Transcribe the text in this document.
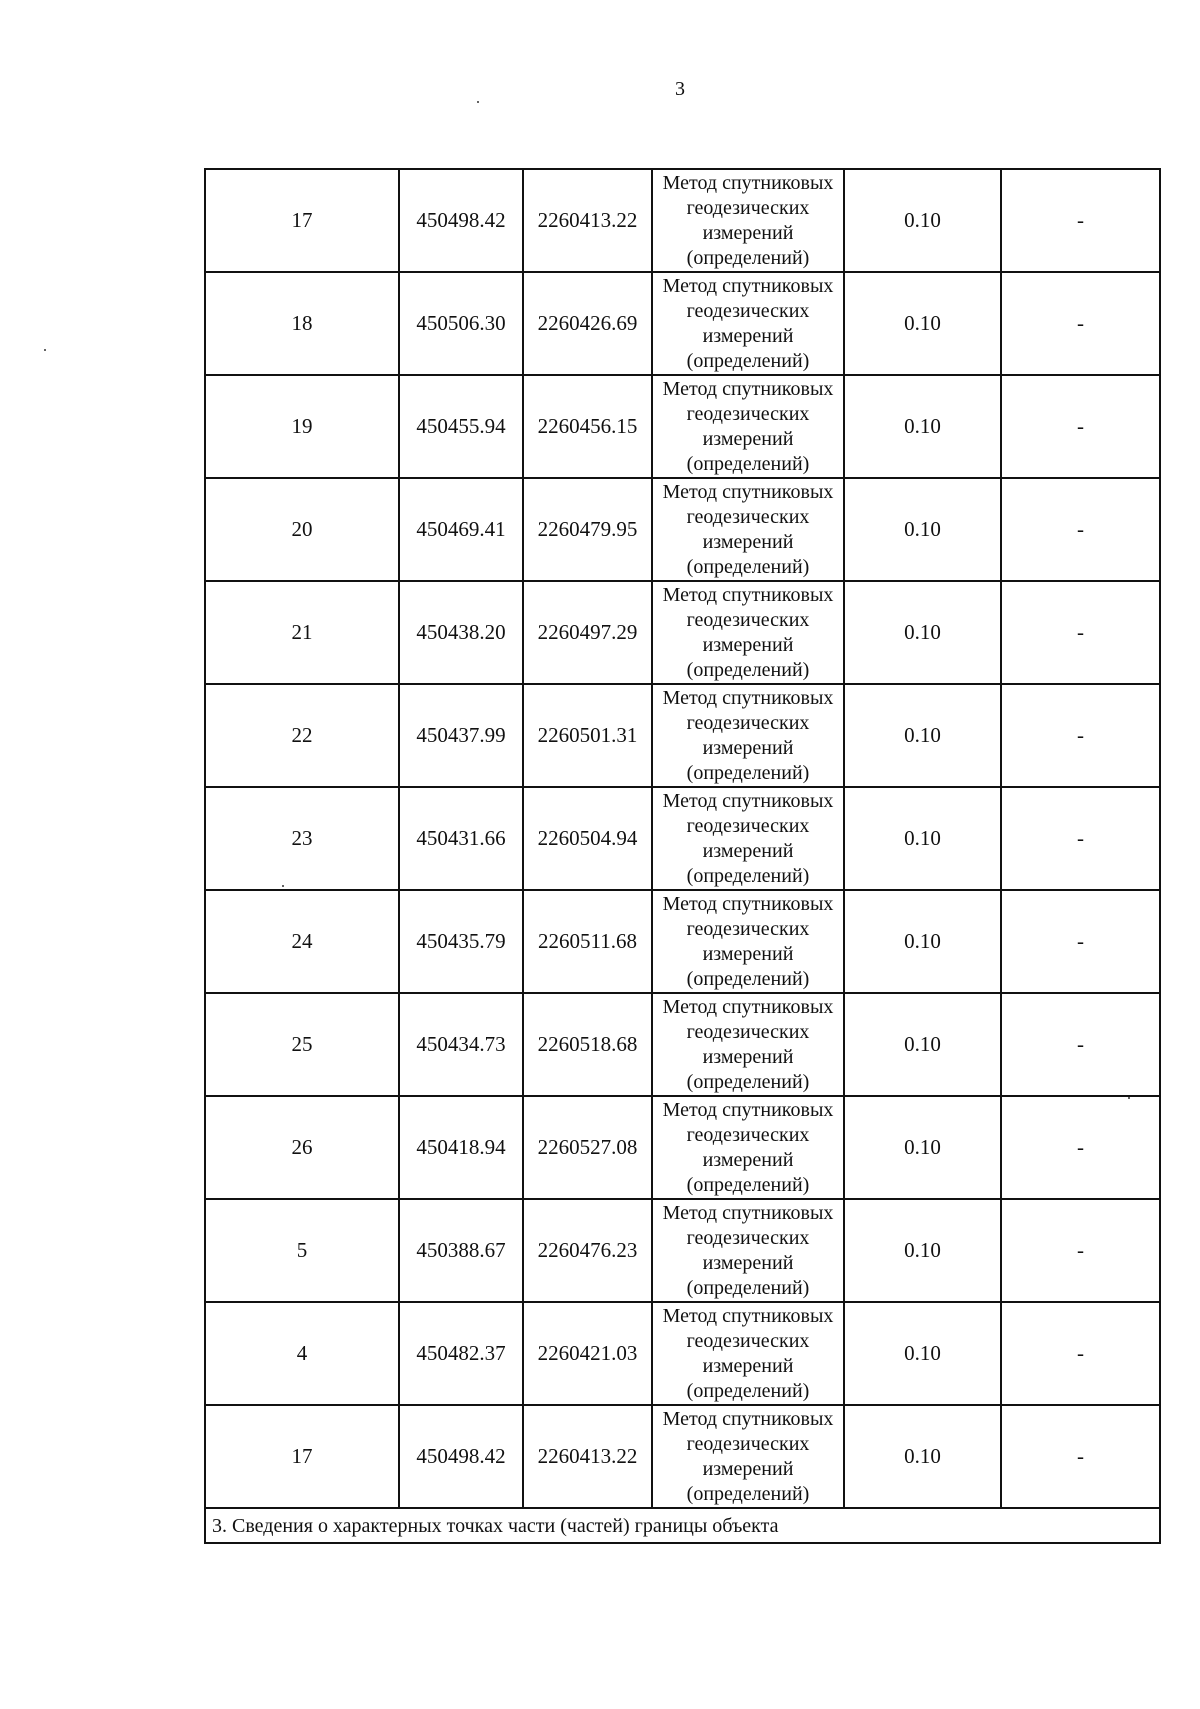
3
17	450498.42	2260413.22	Метод спутниковых
геодезических
измерений
(определений)	0.10	-
18	450506.30	2260426.69	Метод спутниковых
геодезических
измерений
(определений)	0.10	-
19	450455.94	2260456.15	Метод спутниковых
геодезических
измерений
(определений)	0.10	-
20	450469.41	2260479.95	Метод спутниковых
геодезических
измерений
(определений)	0.10	-
21	450438.20	2260497.29	Метод спутниковых
геодезических
измерений
(определений)	0.10	-
22	450437.99	2260501.31	Метод спутниковых
геодезических
измерений
(определений)	0.10	-
23	450431.66	2260504.94	Метод спутниковых
геодезических
измерений
(определений)	0.10	-
24	450435.79	2260511.68	Метод спутниковых
геодезических
измерений
(определений)	0.10	-
25	450434.73	2260518.68	Метод спутниковых
геодезических
измерений
(определений)	0.10	-
26	450418.94	2260527.08	Метод спутниковых
геодезических
измерений
(определений)	0.10	-
5	450388.67	2260476.23	Метод спутниковых
геодезических
измерений
(определений)	0.10	-
4	450482.37	2260421.03	Метод спутниковых
геодезических
измерений
(определений)	0.10	-
17	450498.42	2260413.22	Метод спутниковых
геодезических
измерений
(определений)	0.10	-
3. Сведения о характерных точках части (частей) границы объекта					
